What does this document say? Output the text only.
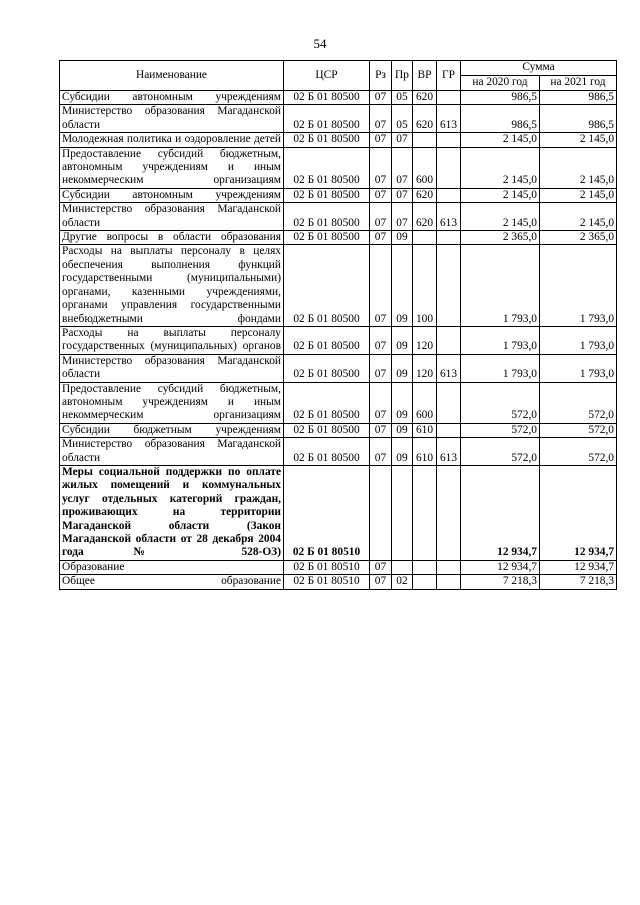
54
Наименование	ЦСР	Рз	Пр	ВР	ГР	Сумма	
						на 2020 год	на 2021 год
Субсидии автономным учреждениям	02 Б 01 80500	07	05	620		986,5	986,5
Министерство образования Магаданской области	02 Б 01 80500	07	05	620	613	986,5	986,5
Молодежная политика и оздоровление детей	02 Б 01 80500	07	07			2 145,0	2 145,0
Предоставление субсидий бюджетным, автономным учреждениям и иным некоммерческим организациям	02 Б 01 80500	07	07	600		2 145,0	2 145,0
Субсидии автономным учреждениям	02 Б 01 80500	07	07	620		2 145,0	2 145,0
Министерство образования Магаданской области	02 Б 01 80500	07	07	620	613	2 145,0	2 145,0
Другие вопросы в области образования	02 Б 01 80500	07	09			2 365,0	2 365,0
Расходы на выплаты персоналу в целях обеспечения выполнения функций государственными (муниципальными) органами, казенными учреждениями, органами управления государственными внебюджетными фондами	02 Б 01 80500	07	09	100		1 793,0	1 793,0
Расходы на выплаты персоналу государственных (муниципальных) органов	02 Б 01 80500	07	09	120		1 793,0	1 793,0
Министерство образования Магаданской области	02 Б 01 80500	07	09	120	613	1 793,0	1 793,0
Предоставление субсидий бюджетным, автономным учреждениям и иным некоммерческим организациям	02 Б 01 80500	07	09	600		572,0	572,0
Субсидии бюджетным учреждениям	02 Б 01 80500	07	09	610		572,0	572,0
Министерство образования Магаданской области	02 Б 01 80500	07	09	610	613	572,0	572,0
Меры социальной поддержки по оплате жилых помещений и коммунальных услуг отдельных категорий граждан, проживающих на территории Магаданской области (Закон Магаданской области от 28 декабря 2004 года № 528-ОЗ)	02 Б 01 80510					12 934,7	12 934,7
Образование	02 Б 01 80510	07				12 934,7	12 934,7
Общее образование	02 Б 01 80510	07	02			7 218,3	7 218,3
